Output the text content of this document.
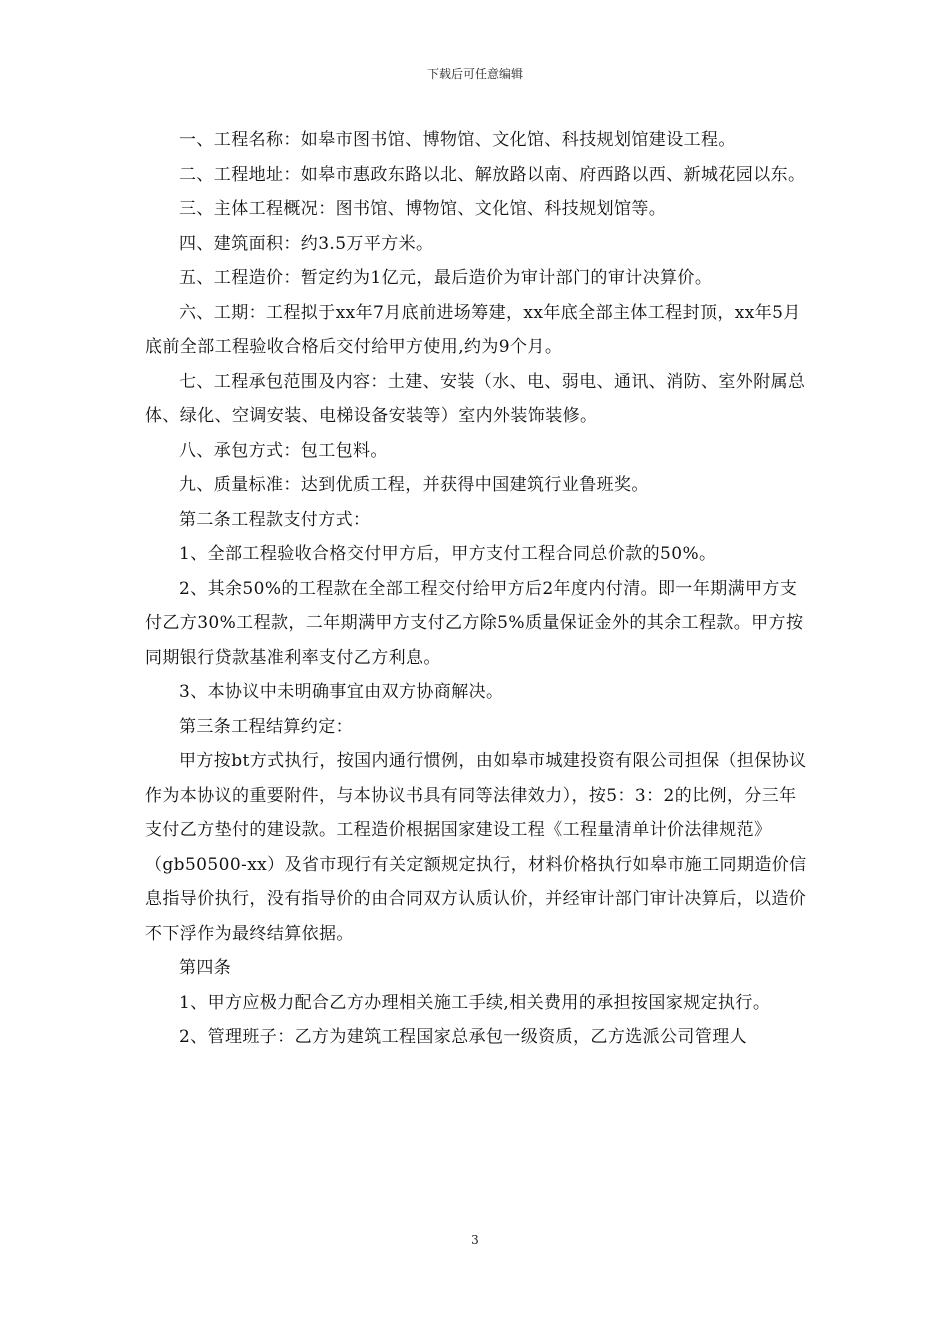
下载后可任意编辑

一、工程名称：如皋市图书馆、博物馆、文化馆、科技规划馆建设工程。

二、工程地址：如皋市惠政东路以北、解放路以南、府西路以西、新城花园以东。

三、主体工程概况：图书馆、博物馆、文化馆、科技规划馆等。

四、建筑面积：约3.5万平方米。

五、工程造价：暂定约为1亿元，最后造价为审计部门的审计决算价。

六、工期：工程拟于xx年7月底前进场筹建，xx年底全部主体工程封顶，xx年5月底前全部工程验收合格后交付给甲方使用,约为9个月。

七、工程承包范围及内容：土建、安装（水、电、弱电、通讯、消防、室外附属总体、绿化、空调安装、电梯设备安装等）室内外装饰装修。

八、承包方式：包工包料。

九、质量标准：达到优质工程，并获得中国建筑行业鲁班奖。

第二条工程款支付方式：

1、全部工程验收合格交付甲方后，甲方支付工程合同总价款的50%。

2、其余50%的工程款在全部工程交付给甲方后2年度内付清。即一年期满甲方支付乙方30%工程款，二年期满甲方支付乙方除5%质量保证金外的其余工程款。甲方按同期银行贷款基准利率支付乙方利息。

3、本协议中未明确事宜由双方协商解决。

第三条工程结算约定：

甲方按bt方式执行，按国内通行惯例，由如皋市城建投资有限公司担保（担保协议作为本协议的重要附件，与本协议书具有同等法律效力），按5：3：2的比例，分三年支付乙方垫付的建设款。工程造价根据国家建设工程《工程量清单计价法律规范》（gb50500-xx）及省市现行有关定额规定执行，材料价格执行如皋市施工同期造价信息指导价执行，没有指导价的由合同双方认质认价，并经审计部门审计决算后，以造价不下浮作为最终结算依据。

第四条

1、甲方应极力配合乙方办理相关施工手续,相关费用的承担按国家规定执行。

2、管理班子：乙方为建筑工程国家总承包一级资质，乙方选派公司管理人

3
